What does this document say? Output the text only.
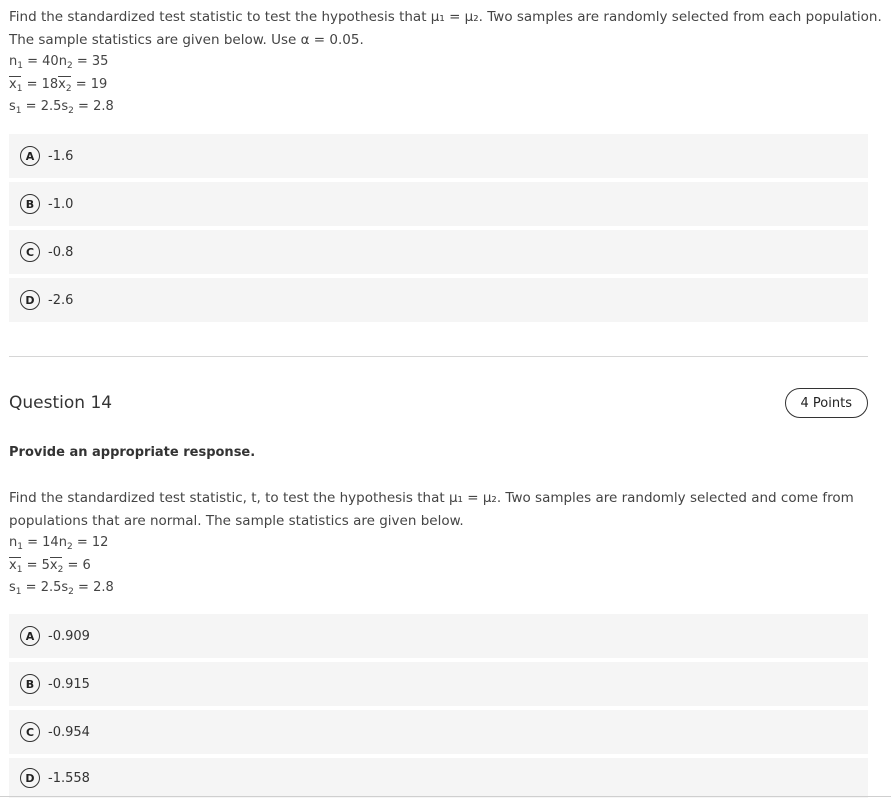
Find the standardized test statistic to test the hypothesis that μ₁ = μ₂. Two samples are randomly selected from each population.
The sample statistics are given below. Use α = 0.05.
$n_1 = 40n_2 = 35$
$x_1 = 18x_2 = 19$
$s_1 = 2.5s_2 = 2.8$
A	-1.6
B	-1.0
C	-0.8
D	-2.6
Question 14	4 Points
Provide an appropriate response.
Find the standardized test statistic, t, to test the hypothesis that μ₁ = μ₂. Two samples are randomly selected and come from
populations that are normal. The sample statistics are given below.
$n_1 = 14n_2 = 12$
$x_1 = 5x_2 = 6$
$s_1 = 2.5s_2 = 2.8$
A	-0.909
B	-0.915
C	-0.954
D	-1.558
